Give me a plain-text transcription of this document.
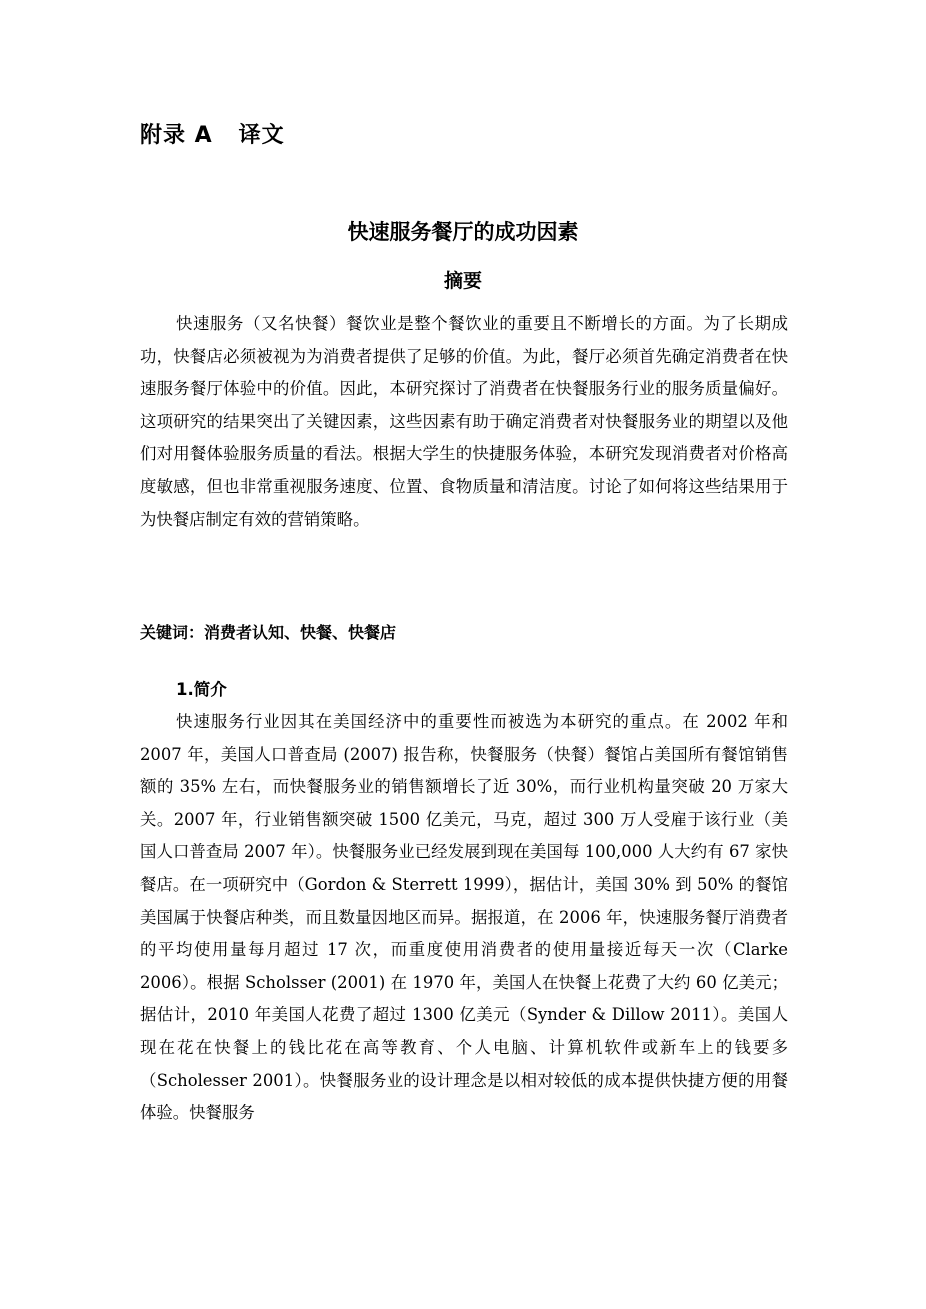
附录 A   译文
快速服务餐厅的成功因素
摘要

快速服务（又名快餐）餐饮业是整个餐饮业的重要且不断增长的方面。为了长期成功，快餐店必须被视为为消费者提供了足够的价值。为此，餐厅必须首先确定消费者在快速服务餐厅体验中的价值。因此，本研究探讨了消费者在快餐服务行业的服务质量偏好。这项研究的结果突出了关键因素，这些因素有助于确定消费者对快餐服务业的期望以及他们对用餐体验服务质量的看法。根据大学生的快捷服务体验，本研究发现消费者对价格高度敏感，但也非常重视服务速度、位置、食物质量和清洁度。讨论了如何将这些结果用于为快餐店制定有效的营销策略。

关键词：消费者认知、快餐、快餐店
1.简介

快速服务行业因其在美国经济中的重要性而被选为本研究的重点。在 2002 年和 2007 年，美国人口普查局 (2007) 报告称，快餐服务（快餐）餐馆占美国所有餐馆销售额的 35% 左右，而快餐服务业的销售额增长了近 30%，而行业机构量突破 20 万家大关。2007 年，行业销售额突破 1500 亿美元，马克，超过 300 万人受雇于该行业（美国人口普查局 2007 年）。快餐服务业已经发展到现在美国每 100,000 人大约有 67 家快餐店。在一项研究中（Gordon & Sterrett 1999），据估计，美国 30% 到 50% 的餐馆美国属于快餐店种类，而且数量因地区而异。据报道，在 2006 年，快速服务餐厅消费者的平均使用量每月超过 17 次，而重度使用消费者的使用量接近每天一次（Clarke 2006）。根据 Scholsser (2001) 在 1970 年，美国人在快餐上花费了大约 60 亿美元；据估计，2010 年美国人花费了超过 1300 亿美元（Synder & Dillow 2011）。美国人现在花在快餐上的钱比花在高等教育、个人电脑、计算机软件或新车上的钱要多（Scholesser 2001）。快餐服务业的设计理念是以相对较低的成本提供快捷方便的用餐体验。快餐服务
